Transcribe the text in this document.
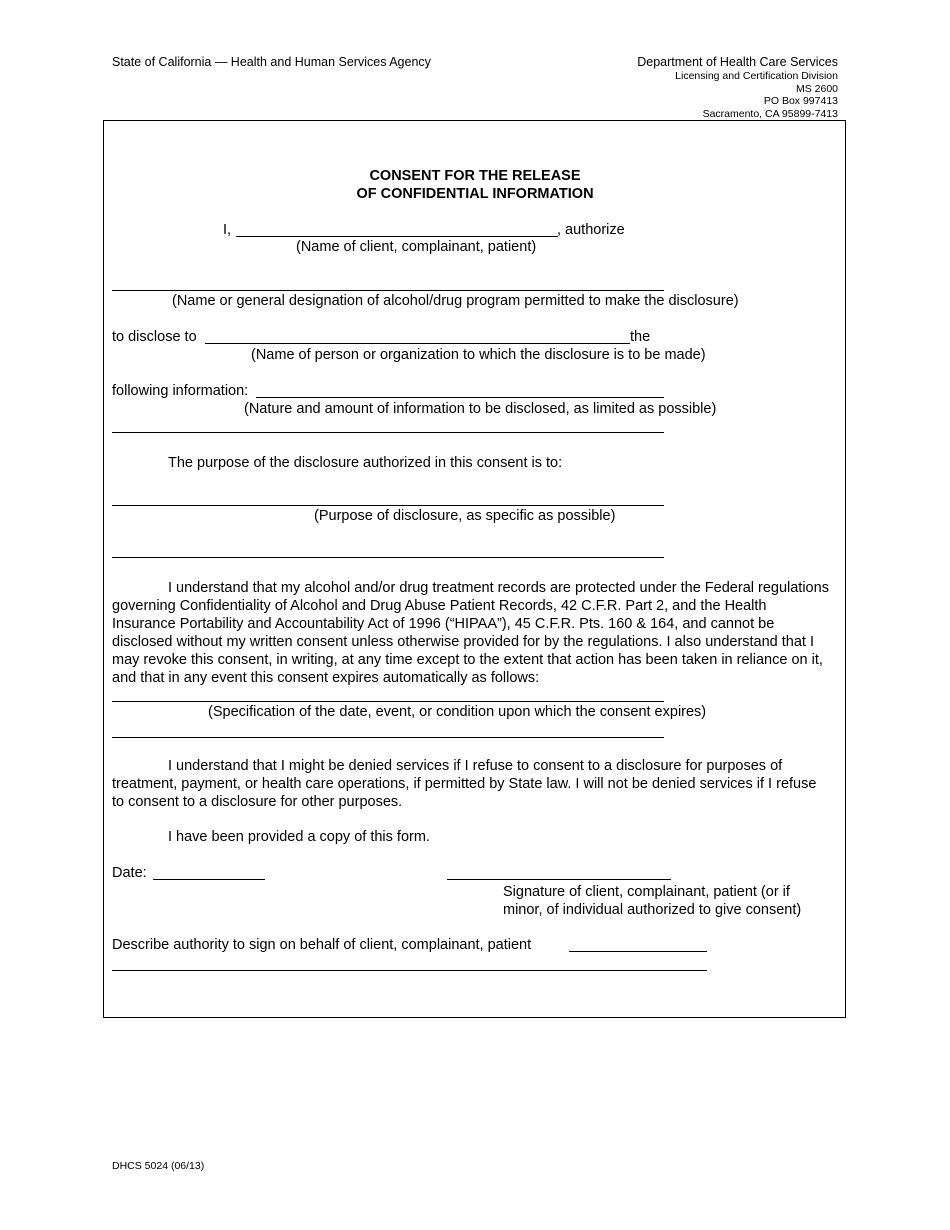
State of California — Health and Human Services Agency	Department of Health Care Services
Licensing and Certification Division
MS 2600
PO Box 997413
Sacramento, CA 95899-7413
CONSENT FOR THE RELEASE
OF CONFIDENTIAL INFORMATION
I,	, authorize
(Name of client, complainant, patient)
(Name or general designation of alcohol/drug program permitted to make the disclosure)
to disclose to	the
(Name of person or organization to which the disclosure is to be made)
following information:
(Nature and amount of information to be disclosed, as limited as possible)
The purpose of the disclosure authorized in this consent is to:
(Purpose of disclosure, as specific as possible)
I understand that my alcohol and/or drug treatment records are protected under the Federal regulations governing Confidentiality of Alcohol and Drug Abuse Patient Records, 42 C.F.R. Part 2, and the Health Insurance Portability and Accountability Act of 1996 (“HIPAA”), 45 C.F.R. Pts. 160 & 164, and cannot be disclosed without my written consent unless otherwise provided for by the regulations. I also understand that I may revoke this consent, in writing, at any time except to the extent that action has been taken in reliance on it, and that in any event this consent expires automatically as follows:
(Specification of the date, event, or condition upon which the consent expires)
I understand that I might be denied services if I refuse to consent to a disclosure for purposes of treatment, payment, or health care operations, if permitted by State law. I will not be denied services if I refuse to consent to a disclosure for other purposes.
I have been provided a copy of this form.
Date:
Signature of client, complainant, patient (or if
minor, of individual authorized to give consent)
Describe authority to sign on behalf of client, complainant, patient
DHCS 5024 (06/13)
